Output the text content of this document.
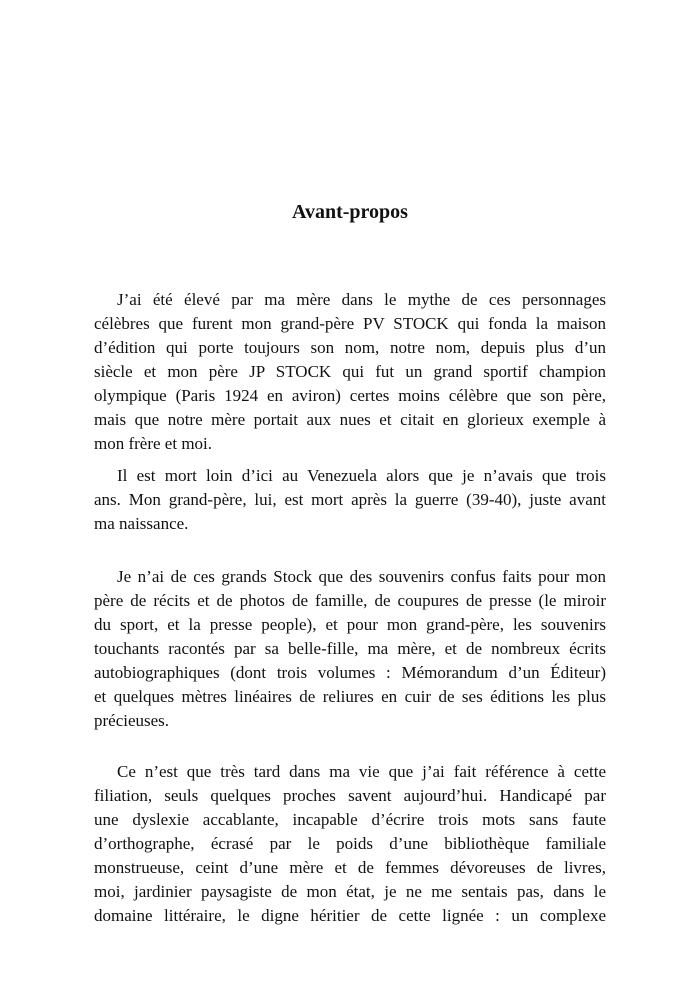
Avant-propos
J’ai été élevé par ma mère dans le mythe de ces personnages
célèbres que furent mon grand-père PV STOCK qui fonda la maison
d’édition qui porte toujours son nom, notre nom, depuis plus d’un
siècle et mon père JP STOCK qui fut un grand sportif champion
olympique (Paris 1924 en aviron) certes moins célèbre que son père,
mais que notre mère portait aux nues et citait en glorieux exemple à
mon frère et moi.
Il est mort loin d’ici au Venezuela alors que je n’avais que trois
ans. Mon grand-père, lui, est mort après la guerre (39-40), juste avant
ma naissance.
Je n’ai de ces grands Stock que des souvenirs confus faits pour mon
père de récits et de photos de famille, de coupures de presse (le miroir
du sport, et la presse people), et pour mon grand-père, les souvenirs
touchants racontés par sa belle-fille, ma mère, et de nombreux écrits
autobiographiques (dont trois volumes : Mémorandum d’un Éditeur)
et quelques mètres linéaires de reliures en cuir de ses éditions les plus
précieuses.
Ce n’est que très tard dans ma vie que j’ai fait référence à cette
filiation, seuls quelques proches savent aujourd’hui. Handicapé par
une dyslexie accablante, incapable d’écrire trois mots sans faute
d’orthographe, écrasé par le poids d’une bibliothèque familiale
monstrueuse, ceint d’une mère et de femmes dévoreuses de livres,
moi, jardinier paysagiste de mon état, je ne me sentais pas, dans le
domaine littéraire, le digne héritier de cette lignée : un complexe
